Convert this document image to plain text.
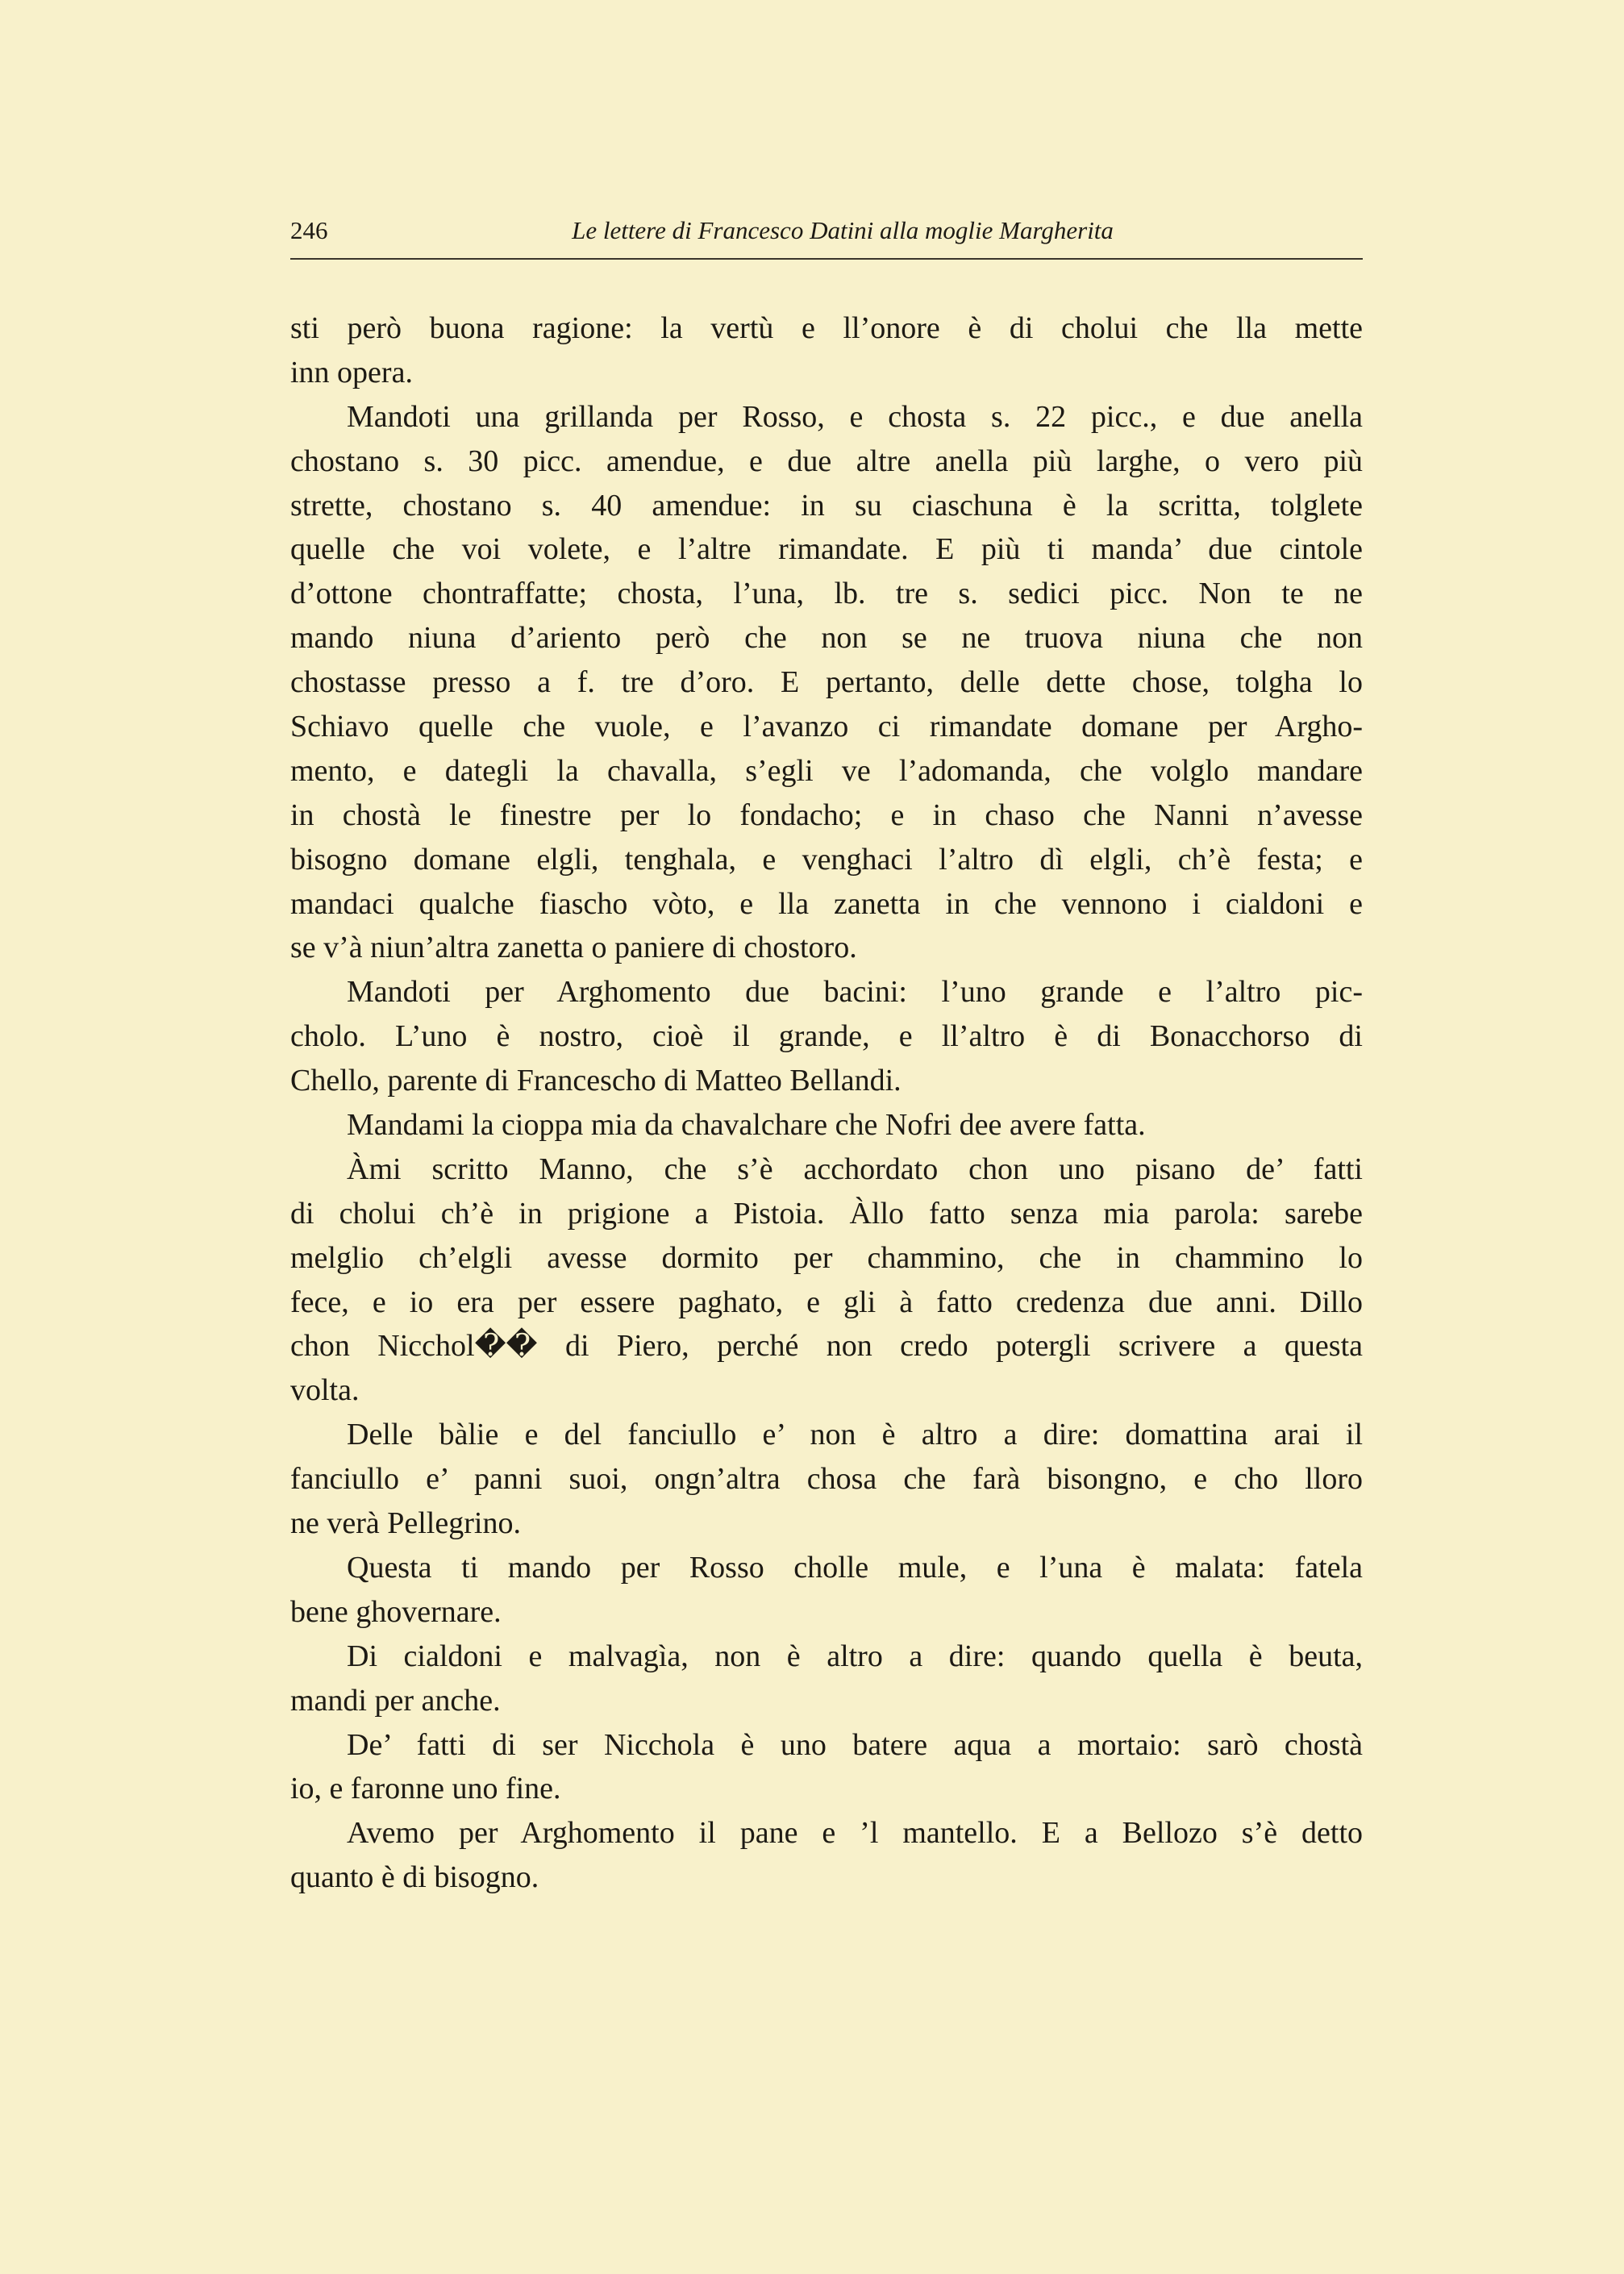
246	Le lettere di Francesco Datini alla moglie Margherita
sti però buona ragione: la vertù e ll’onore è di cholui che lla mette
inn opera.
Mandoti una grillanda per Rosso, e chosta s. 22 picc., e due anella
chostano s. 30 picc. amendue, e due altre anella più larghe, o vero più
strette, chostano s. 40 amendue: in su ciaschuna è la scritta, tolglete
quelle che voi volete, e l’altre rimandate. E più ti manda’ due cintole
d’ottone chontraffatte; chosta, l’una, lb. tre s. sedici picc. Non te ne
mando niuna d’ariento però che non se ne truova niuna che non
chostasse presso a f. tre d’oro. E pertanto, delle dette chose, tolgha lo
Schiavo quelle che vuole, e l’avanzo ci rimandate domane per Argho-
mento, e dategli la chavalla, s’egli ve l’adomanda, che volglo mandare
in chostà le finestre per lo fondacho; e in chaso che Nanni n’avesse
bisogno domane elgli, tenghala, e venghaci l’altro dì elgli, ch’è festa; e
mandaci qualche fiascho vòto, e lla zanetta in che vennono i cialdoni e
se v’à niun’altra zanetta o paniere di chostoro.
Mandoti per Arghomento due bacini: l’uno grande e l’altro pic-
cholo. L’uno è nostro, cioè il grande, e ll’altro è di Bonacchorso di
Chello, parente di Francescho di Matteo Bellandi.
Mandami la cioppa mia da chavalchare che Nofri dee avere fatta.
Àmi scritto Manno, che s’è acchordato chon uno pisano de’ fatti
di cholui ch’è in prigione a Pistoia. Àllo fatto senza mia parola: sarebe
melglio ch’elgli avesse dormito per chammino, che in chammino lo
fece, e io era per essere paghato, e gli à fatto credenza due anni. Dillo
chon Nicchol�� di Piero, perché non credo potergli scrivere a questa
volta.
Delle bàlie e del fanciullo e’ non è altro a dire: domattina arai il
fanciullo e’ panni suoi, ongn’altra chosa che farà bisongno, e cho lloro
ne verà Pellegrino.
Questa ti mando per Rosso cholle mule, e l’una è malata: fatela
bene ghovernare.
Di cialdoni e malvagìa, non è altro a dire: quando quella è beuta,
mandi per anche.
De’ fatti di ser Nicchola è uno batere aqua a mortaio: sarò chostà
io, e faronne uno fine.
Avemo per Arghomento il pane e ’l mantello. E a Bellozo s’è detto
quanto è di bisogno.
